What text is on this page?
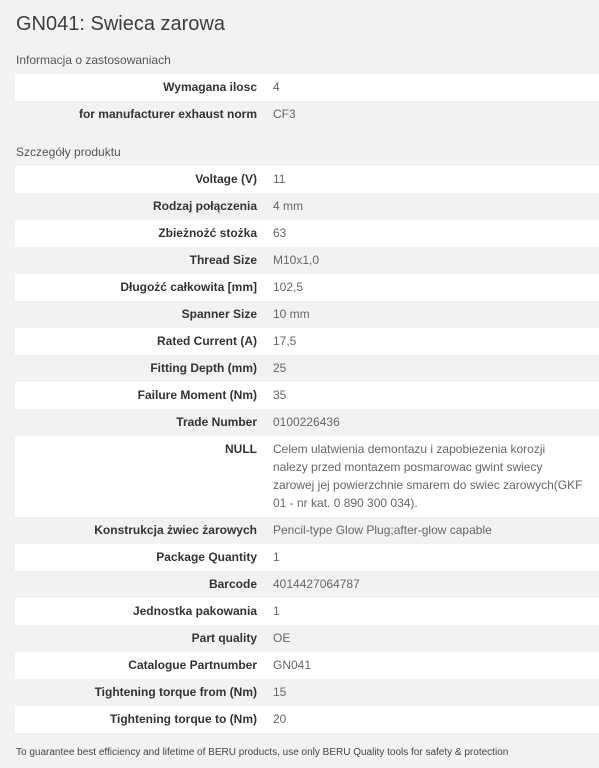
GN041: Swieca zarowa
Informacja o zastosowaniach
Wymagana ilosc	4
for manufacturer exhaust norm	CF3
Szczegóły produktu
Voltage (V)	11
Rodzaj połączenia	4 mm
Zbieżnożć stożka	63
Thread Size	M10x1,0
Długożć całkowita [mm]	102,5
Spanner Size	10 mm
Rated Current (A)	17,5
Fitting Depth (mm)	25
Failure Moment (Nm)	35
Trade Number	0100226436
NULL	Celem ulatwienia demontazu i zapobiezenia korozji nalezy przed montazem posmarowac gwint swiecy zarowej jej powierzchnie smarem do swiec zarowych(GKF 01 - nr kat. 0 890 300 034).
Konstrukcja żwiec żarowych	Pencil-type Glow Plug;after-glow capable
Package Quantity	1
Barcode	4014427064787
Jednostka pakowania	1
Part quality	OE
Catalogue Partnumber	GN041
Tightening torque from (Nm)	15
Tightening torque to (Nm)	20
To guarantee best efficiency and lifetime of BERU products, use only BERU Quality tools for safety & protection
